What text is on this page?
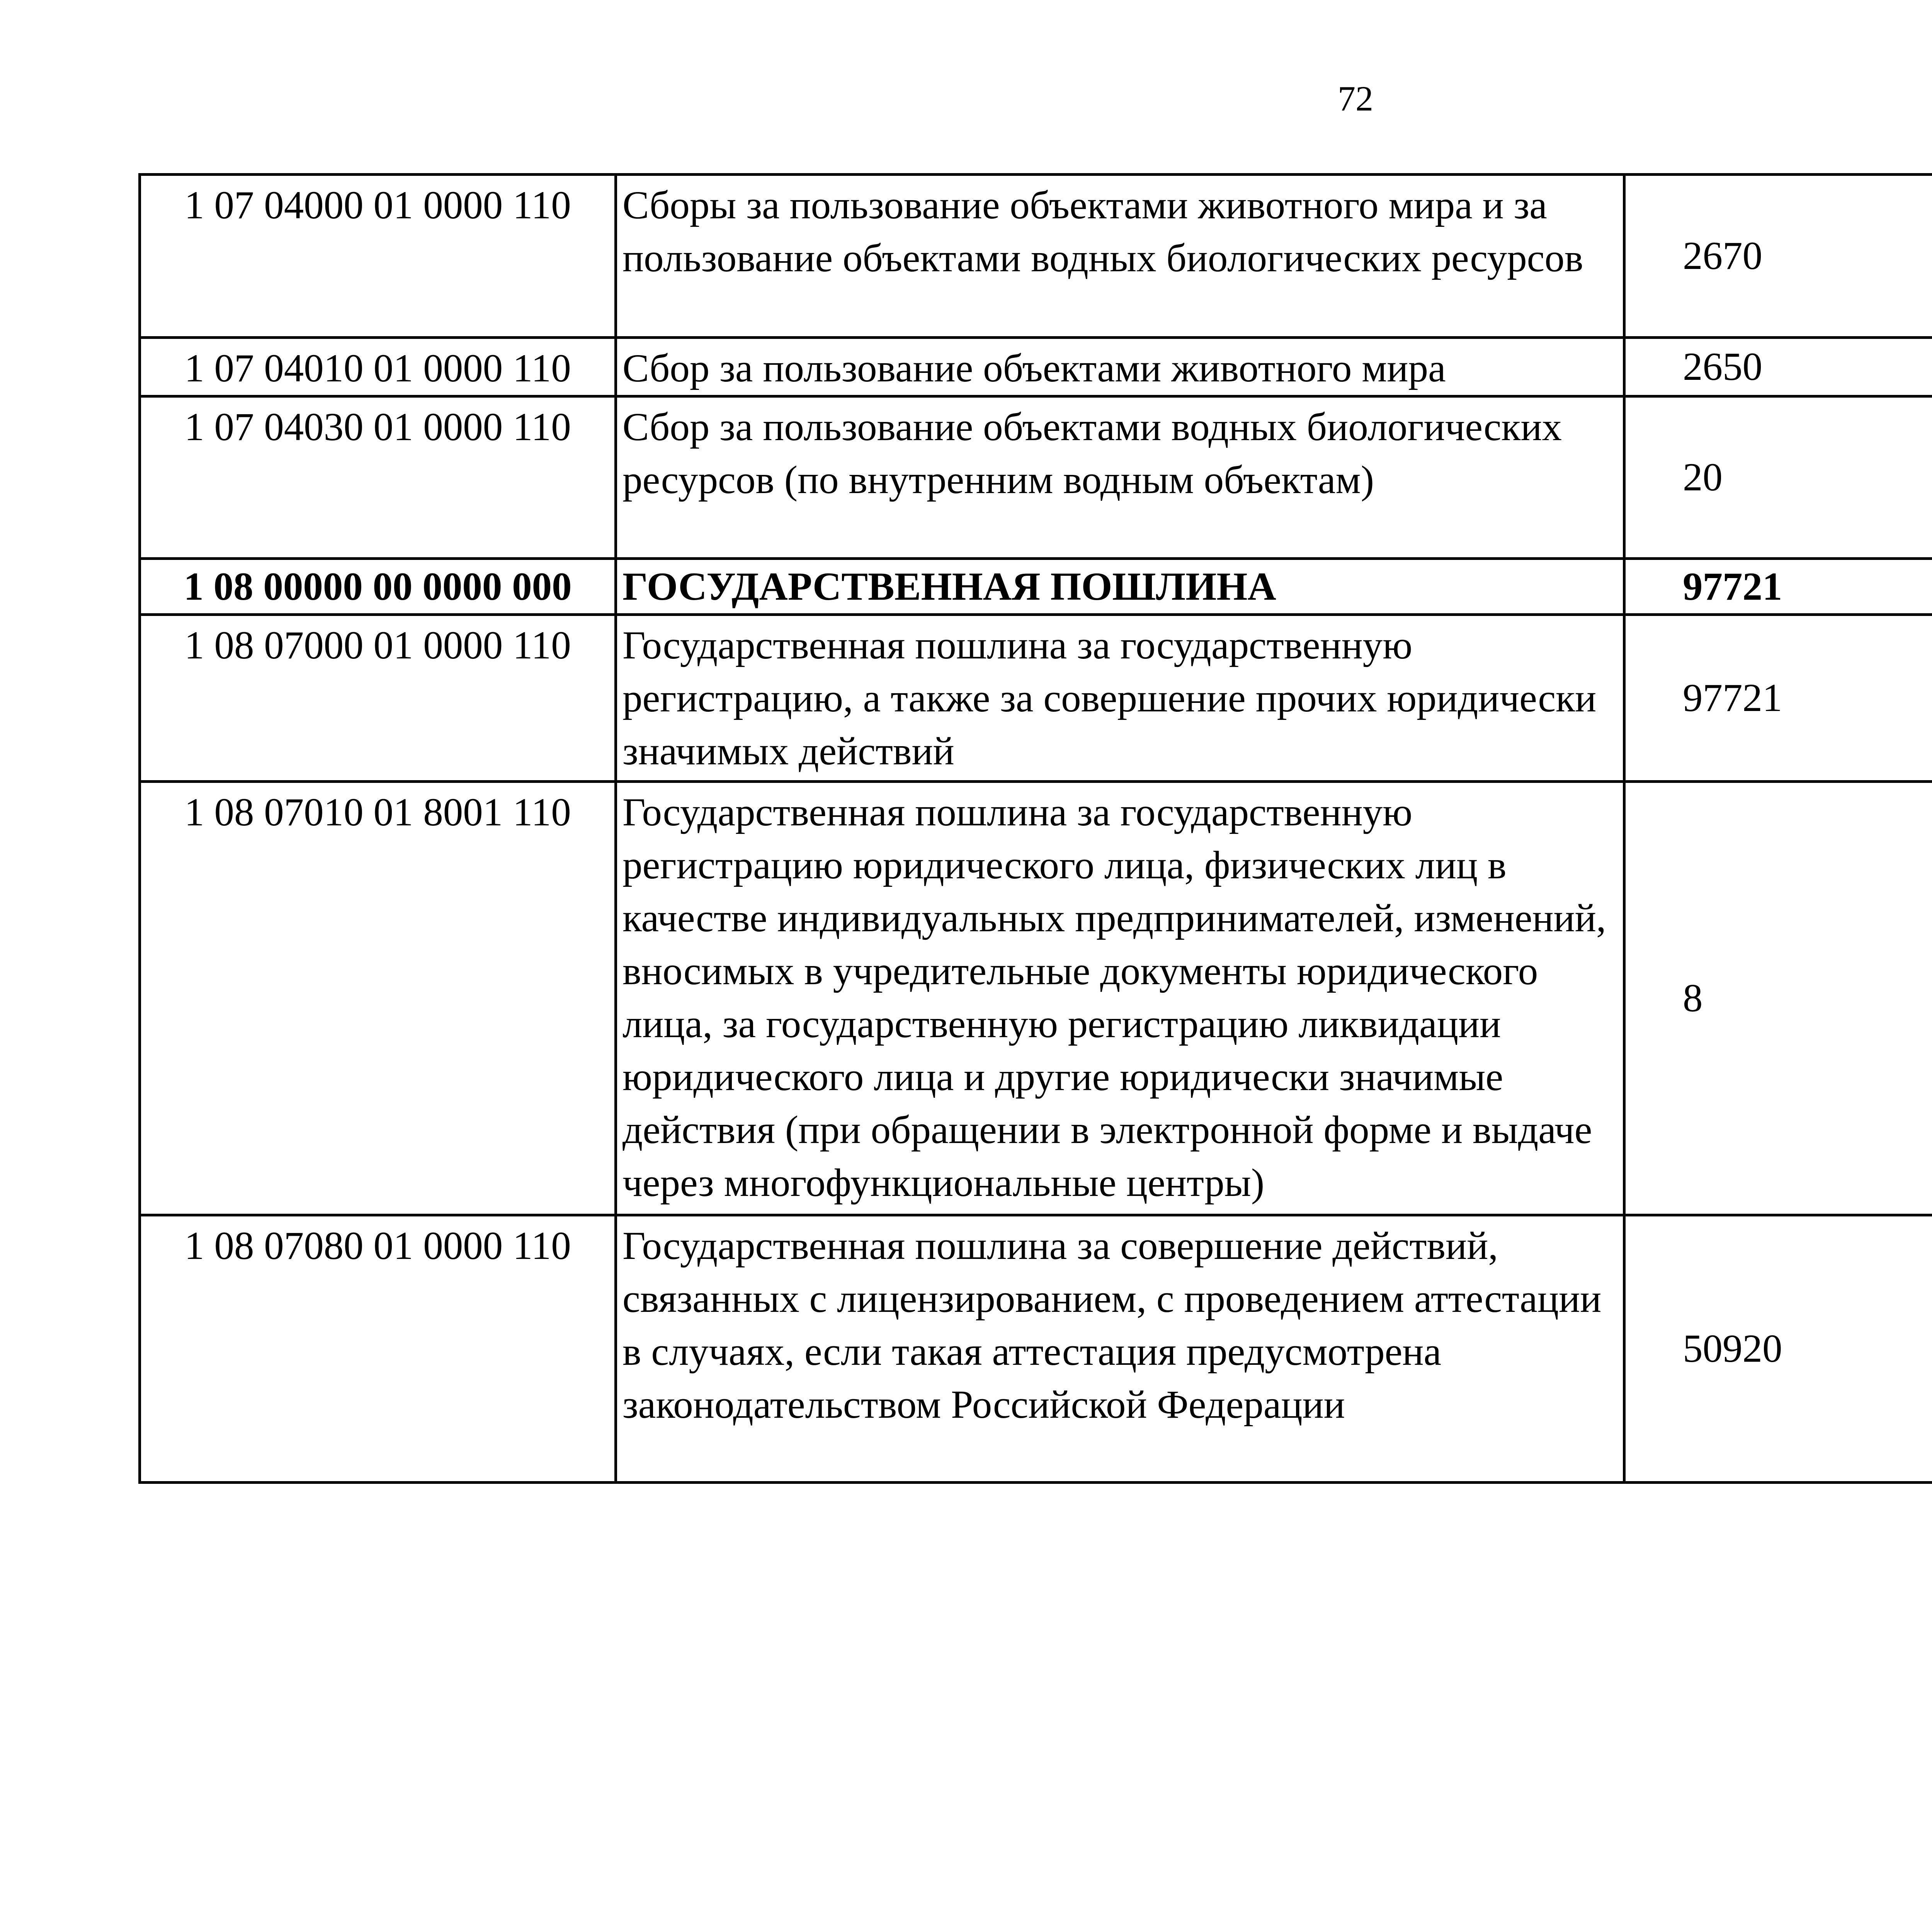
72
1 07 04000 01 0000 110	Сборы за пользование объектами животного мира и за пользование объектами водных биологических ресурсов	2670		
1 07 04010 01 0000 110	Сбор за пользование объектами животного мира	2650		
1 07 04030 01 0000 110	Сбор за пользование объектами водных биологических ресурсов (по внутренним водным объектам)	20		
1 08 00000 00 0000 000	ГОСУДАРСТВЕННАЯ ПОШЛИНА	97721		
1 08 07000 01 0000 110	Государственная пошлина за государственную регистрацию, а также за совершение прочих юридически значимых действий	97721		
1 08 07010 01 8001 110	Государственная пошлина за государственную регистрацию юридического лица, физических лиц в качестве индивидуальных предпринимателей, изменений, вносимых в учредительные документы юридического лица, за государственную регистрацию ликвидации юридического лица и другие юридически значимые действия (при обращении в электронной форме и выдаче через многофункциональные центры)	8		
1 08 07080 01 0000 110	Государственная пошлина за совершение действий, связанных с лицензированием, с проведением аттестации в случаях, если такая аттестация предусмотрена законодательством Российской Федерации	50920		
